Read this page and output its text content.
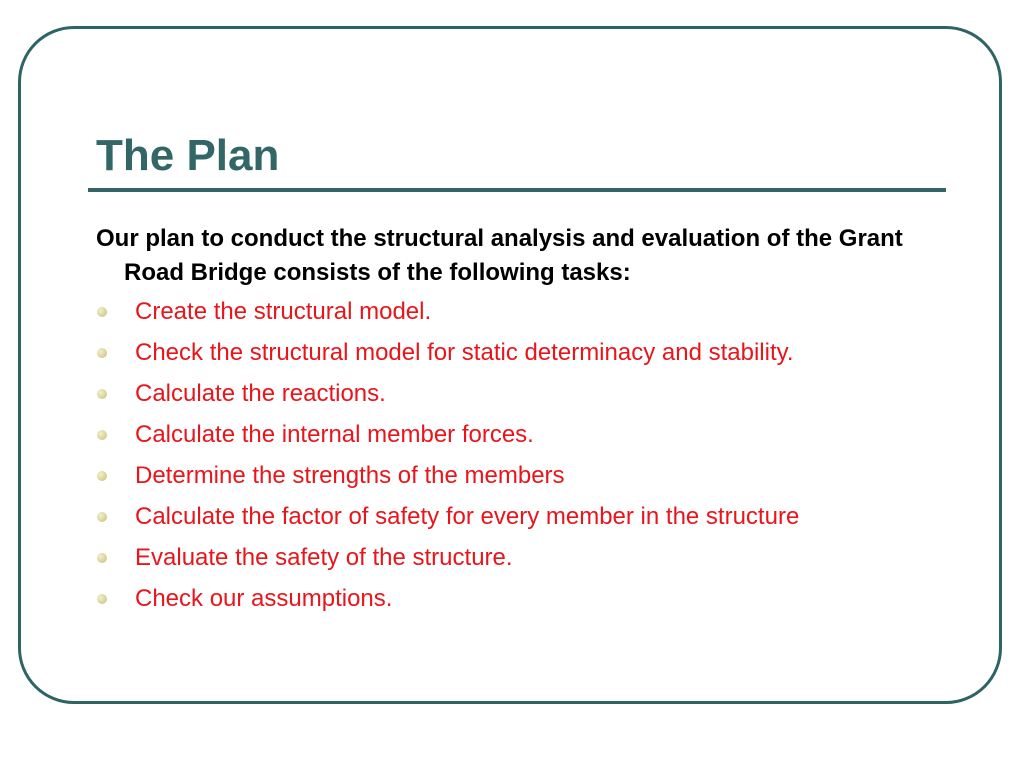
The Plan

Our plan to conduct the structural analysis and evaluation of the Grant Road Bridge consists of the following tasks:

Create the structural model.
Check the structural model for static determinacy and stability.
Calculate the reactions.
Calculate the internal member forces.
Determine the strengths of the members
Calculate the factor of safety for every member in the structure
Evaluate the safety of the structure.
Check our assumptions.
